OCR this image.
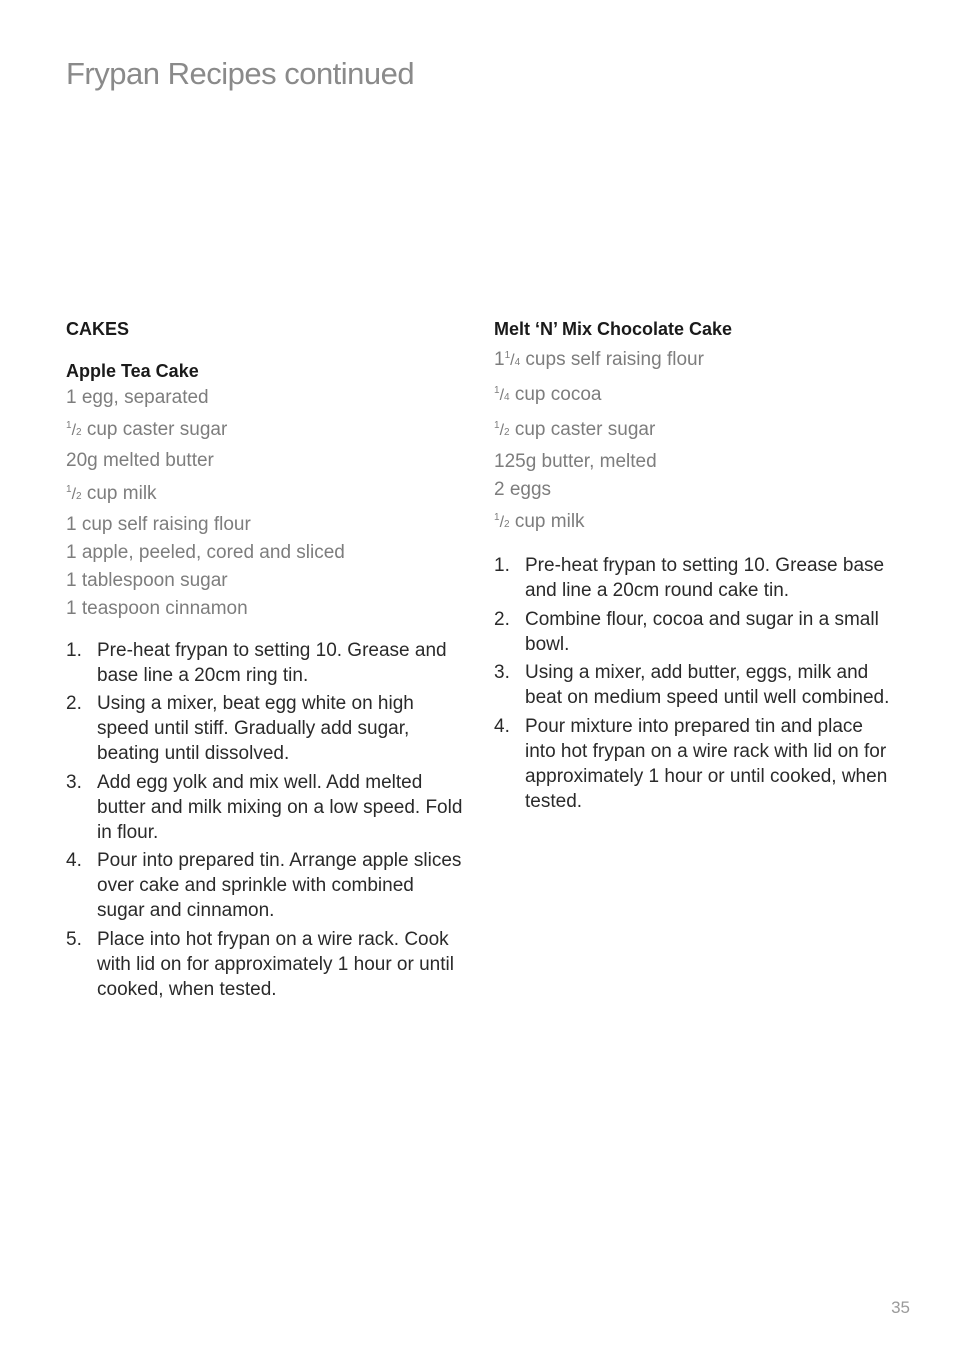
Frypan Recipes continued
CAKES
Apple Tea Cake
1 egg, separated
$^1$/2 cup caster sugar
20g melted butter
$^1$/2 cup milk
1 cup self raising flour
1 apple, peeled, cored and sliced
1 tablespoon sugar
1 teaspoon cinnamon
1. Pre-heat frypan to setting 10. Grease and base line a 20cm ring tin.
2. Using a mixer, beat egg white on high speed until stiff. Gradually add sugar, beating until dissolved.
3. Add egg yolk and mix well. Add melted butter and milk mixing on a low speed. Fold in flour.
4. Pour into prepared tin. Arrange apple slices over cake and sprinkle with combined sugar and cinnamon.
5. Place into hot frypan on a wire rack. Cook with lid on for approximately 1 hour or until cooked, when tested.
Melt ‘N’ Mix Chocolate Cake
$1^1/4$ cups self raising flour
$^1$/4 cup cocoa
$^1$/2 cup caster sugar
125g butter, melted
2 eggs
$^1$/2 cup milk
1. Pre-heat frypan to setting 10. Grease base and line a 20cm round cake tin.
2. Combine flour, cocoa and sugar in a small bowl.
3. Using a mixer, add butter, eggs, milk and beat on medium speed until well combined.
4. Pour mixture into prepared tin and place into hot frypan on a wire rack with lid on for approximately 1 hour or until cooked, when tested.
35
